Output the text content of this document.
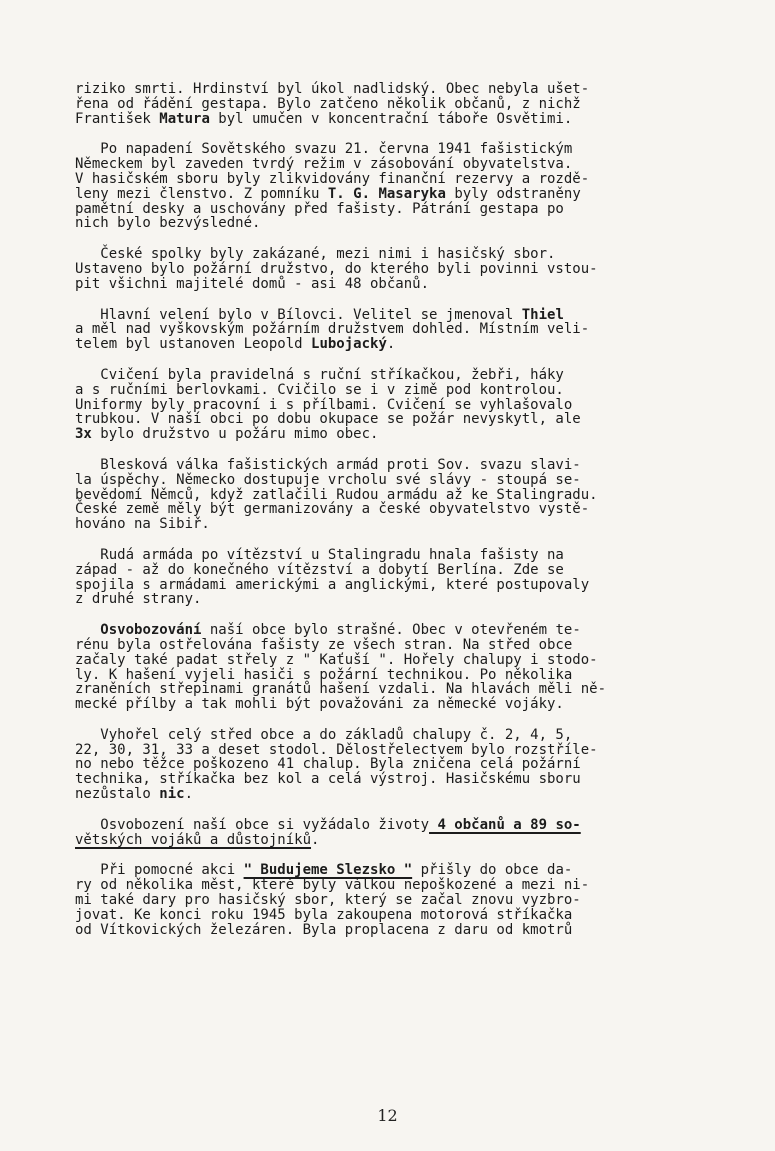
riziko smrti. Hrdinství byl úkol nadlidský. Obec nebyla ušet-
řena od řádění gestapa. Bylo zatčeno několik občanů, z nichž
František Matura byl umučen v koncentrační táboře Osvětimi.

Po napadení Sovětského svazu 21. června 1941 fašistickým
Německem byl zaveden tvrdý režim v zásobování obyvatelstva.
V hasičském sboru byly zlikvidovány finanční rezervy a rozdě-
leny mezi členstvo. Z pomníku T. G. Masaryka byly odstraněny
pamětní desky a uschovány před fašisty. Pátrání gestapa po
nich bylo bezvýsledné.

České spolky byly zakázané, mezi nimi i hasičský sbor.
Ustaveno bylo požární družstvo, do kterého byli povinni vstou-
pit všichni majitelé domů - asi 48 občanů.

Hlavní velení bylo v Bílovci. Velitel se jmenoval Thiel
a měl nad vyškovským požárním družstvem dohled. Místním veli-
telem byl ustanoven Leopold Lubojacký.

Cvičení byla pravidelná s ruční stříkačkou, žebři, háky
a s ručními berlovkami. Cvičilo se i v zimě pod kontrolou.
Uniformy byly pracovní i s přílbami. Cvičení se vyhlašovalo
trubkou. V naší obci po dobu okupace se požár nevyskytl, ale
3x bylo družstvo u požáru mimo obec.

Blesková válka fašistických armád proti Sov. svazu slavi-
la úspěchy. Německo dostupuje vrcholu své slávy - stoupá se-
bevědomí Němců, když zatlačili Rudou armádu až ke Stalingradu.
České země měly být germanizovány a české obyvatelstvo vystě-
hováno na Sibiř.

Rudá armáda po vítězství u Stalingradu hnala fašisty na
západ - až do konečného vítězství a dobytí Berlína. Zde se
spojila s armádami americkými a anglickými, které postupovaly
z druhé strany.

Osvobozování naší obce bylo strašné. Obec v otevřeném te-
rénu byla ostřelována fašisty ze všech stran. Na střed obce
začaly také padat střely z " Kaťuší ". Hořely chalupy i stodo-
ly. K hašení vyjeli hasiči s požární technikou. Po několika
zraněních střepinami granátů hašení vzdali. Na hlavách měli ně-
mecké přílby a tak mohli být považováni za německé vojáky.

Vyhořel celý střed obce a do základů chalupy č. 2, 4, 5,
22, 30, 31, 33 a deset stodol. Dělostřelectvem bylo rozstříle-
no nebo těžce poškozeno 41 chalup. Byla zničena celá požární
technika, stříkačka bez kol a celá výstroj. Hasičskému sboru
nezůstalo nic.

Osvobození naší obce si vyžádalo životy 4 občanů a 89 so-
větských vojáků a důstojníků.

Při pomocné akci " Budujeme Slezsko " přišly do obce da-
ry od několika měst, které byly válkou nepoškozené a mezi ni-
mi také dary pro hasičský sbor, který se začal znovu vyzbro-
jovat. Ke konci roku 1945 byla zakoupena motorová stříkačka
od Vítkovických železáren. Byla proplacena z daru od kmotrů

12
